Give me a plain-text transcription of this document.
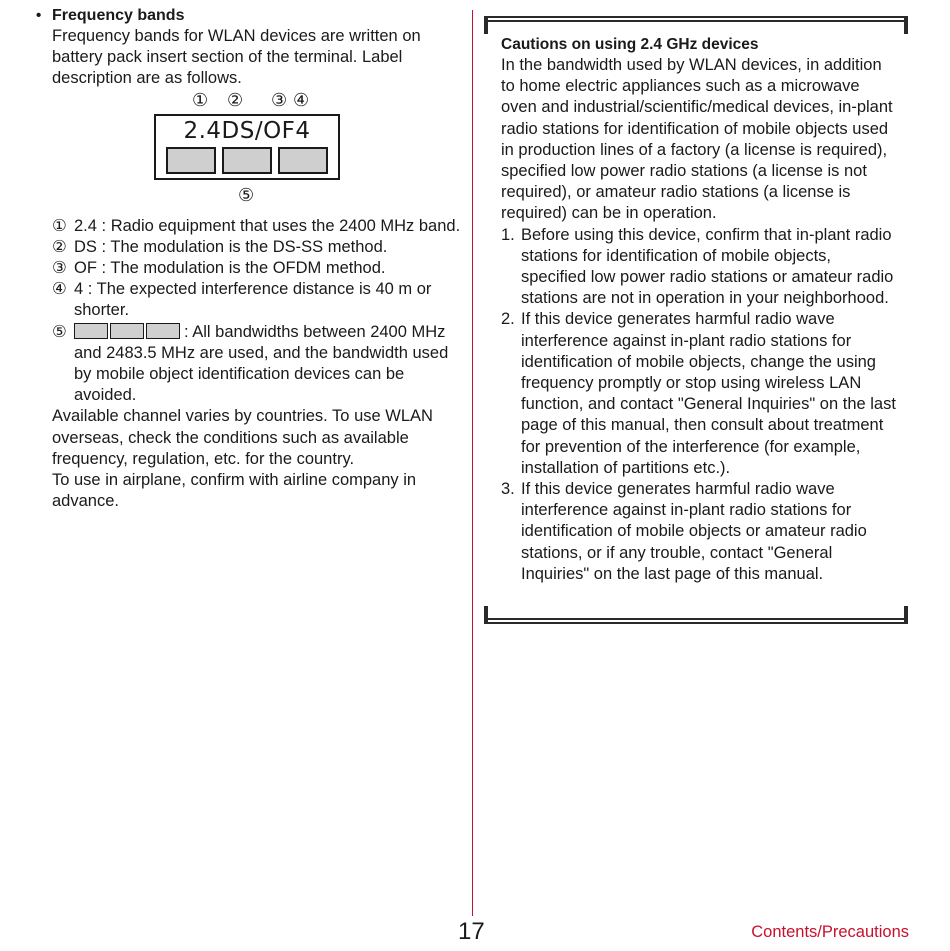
• Frequency bands
Frequency bands for WLAN devices are written on battery pack insert section of the terminal. Label description are as follows.
① ② ③ ④
2.4DS/OF4
⑤
① 2.4 : Radio equipment that uses the 2400 MHz band.
② DS : The modulation is the DS-SS method.
③ OF : The modulation is the OFDM method.
④ 4 : The expected interference distance is 40 m or shorter.
⑤	: All bandwidths between 2400 MHz and 2483.5 MHz are used, and the bandwidth used by mobile object identification devices can be avoided.
Available channel varies by countries. To use WLAN overseas, check the conditions such as available frequency, regulation, etc. for the country.
To use in airplane, confirm with airline company in advance.
Cautions on using 2.4 GHz devices
In the bandwidth used by WLAN devices, in addition to home electric appliances such as a microwave oven and industrial/scientific/medical devices, in-plant radio stations for identification of mobile objects used in production lines of a factory (a license is required), specified low power radio stations (a license is not required), or amateur radio stations (a license is required) can be in operation.
1. Before using this device, confirm that in-plant radio stations for identification of mobile objects, specified low power radio stations or amateur radio stations are not in operation in your neighborhood.
2. If this device generates harmful radio wave interference against in-plant radio stations for identification of mobile objects, change the using frequency promptly or stop using wireless LAN function, and contact "General Inquiries" on the last page of this manual, then consult about treatment for prevention of the interference (for example, installation of partitions etc.).
3. If this device generates harmful radio wave interference against in-plant radio stations for identification of mobile objects or amateur radio stations, or if any trouble, contact "General Inquiries" on the last page of this manual.
17	Contents/Precautions
